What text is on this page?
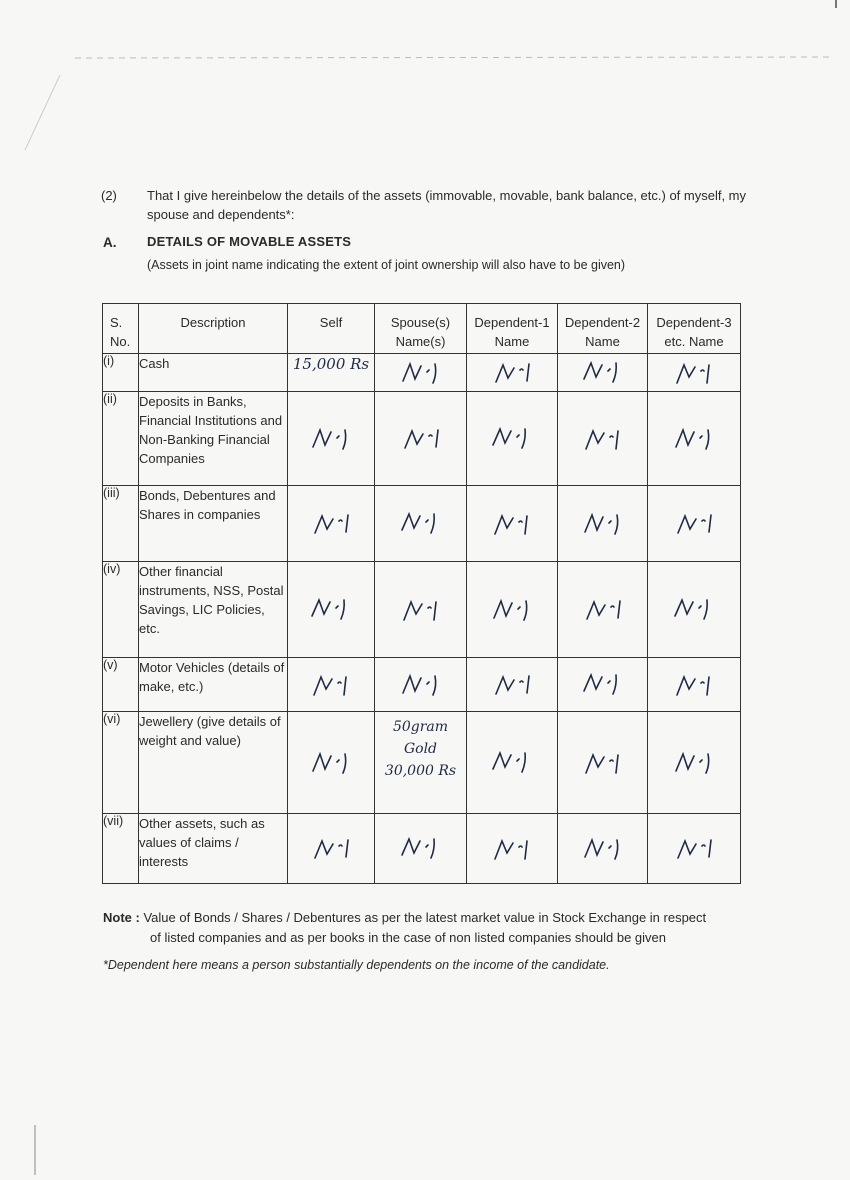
(2) That I give hereinbelow the details of the assets (immovable, movable, bank balance, etc.) of myself, my spouse and dependents*:
A. DETAILS OF MOVABLE ASSETS
(Assets in joint name indicating the extent of joint ownership will also have to be given)
S. No.	Description	Self	Spouse(s) Name(s)	Dependent-1 Name	Dependent-2 Name	Dependent-3 etc. Name
(i)	Cash	15,000 Rs

(ii)	Deposits in Banks, Financial Institutions and Non-Banking Financial Companies	

(iii)	Bonds, Debentures and Shares in companies	

(iv)	Other financial instruments, NSS, Postal Savings, LIC Policies, etc.	

(v)	Motor Vehicles (details of make, etc.)	

(vi)	Jewellery (give details of weight and value)		50gram Gold 30,000 Rs

(vii)	Other assets, such as values of claims / interests	

Note : Value of Bonds / Shares / Debentures as per the latest market value in Stock Exchange in respect
of listed companies and as per books in the case of non listed companies should be given
*Dependent here means a person substantially dependents on the income of the candidate.
